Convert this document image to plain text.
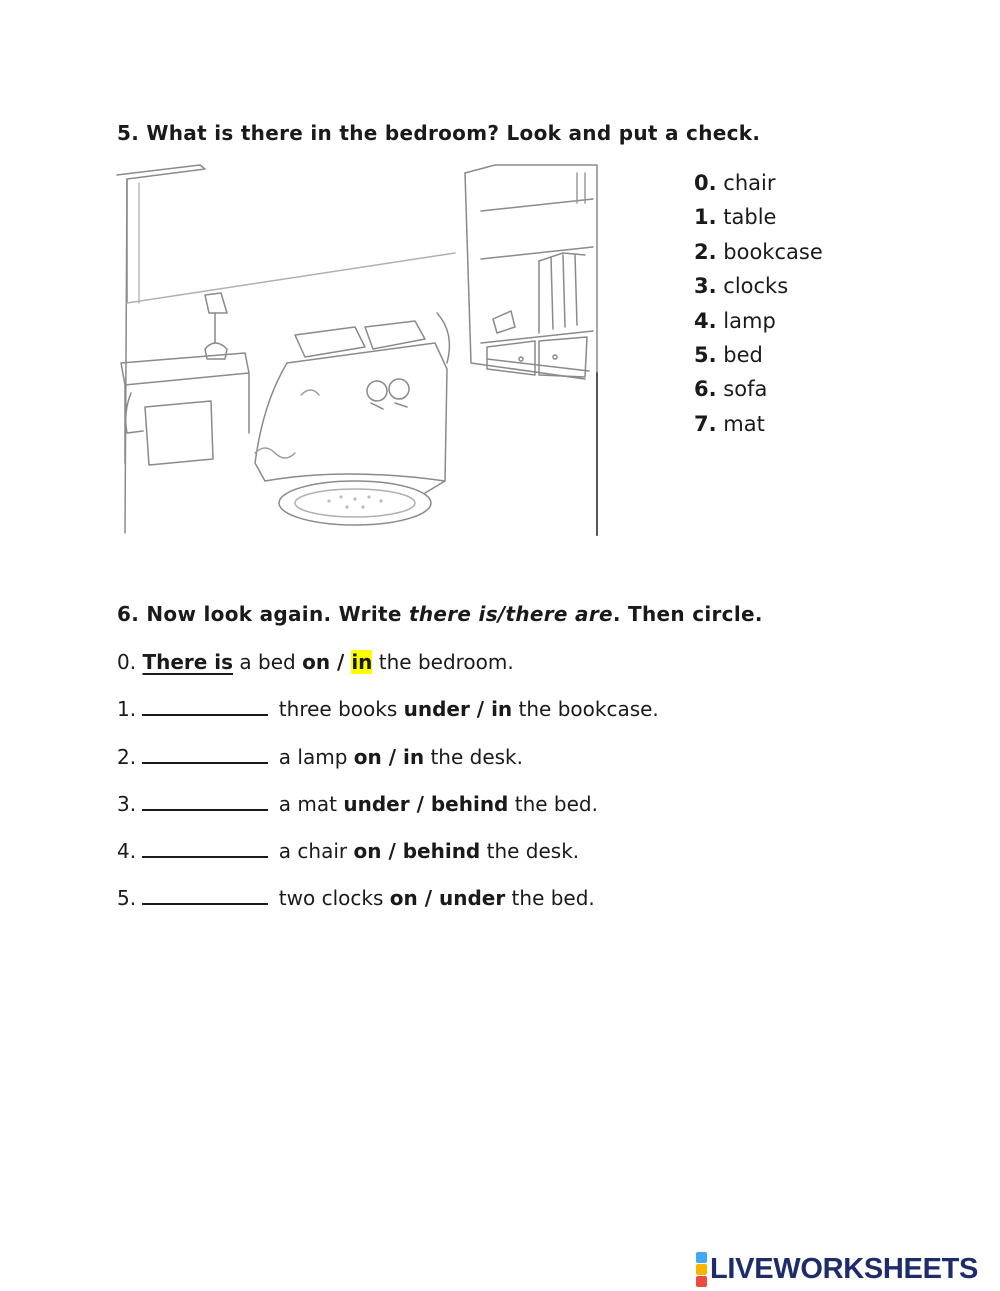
5. What is there in the bedroom? Look and put a check.
0. chair
1. table
2. bookcase
3. clocks
4. lamp
5. bed
6. sofa
7. mat
6. Now look again. Write there is/there are. Then circle.
0. There is a bed on / in the bedroom.
1.	three books under / in the bookcase.
2.	a lamp on / in the desk.
3.	a mat under / behind the bed.
4.	a chair on / behind the desk.
5.	two clocks on / under the bed.
LIVEWORKSHEETS
